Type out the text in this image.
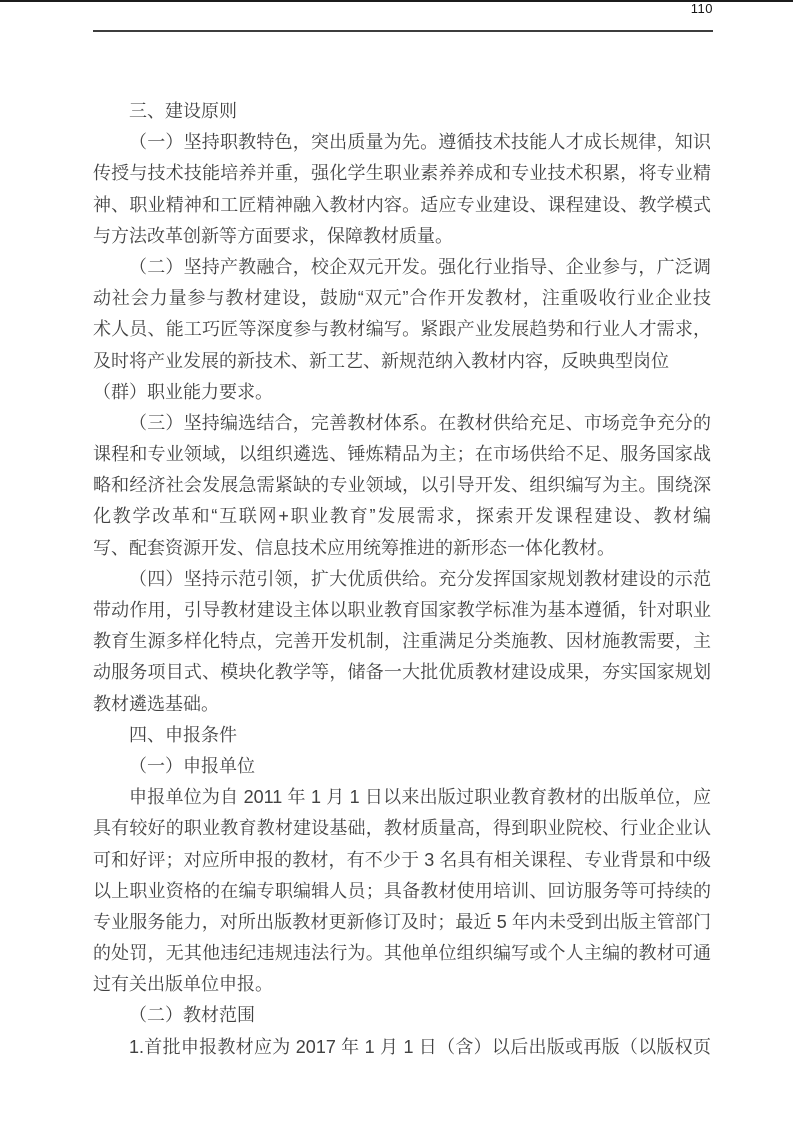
110
三、建设原则
（一）坚持职教特色，突出质量为先。遵循技术技能人才成长规律，知识
传授与技术技能培养并重，强化学生职业素养养成和专业技术积累，将专业精
神、职业精神和工匠精神融入教材内容。适应专业建设、课程建设、教学模式
与方法改革创新等方面要求，保障教材质量。
（二）坚持产教融合，校企双元开发。强化行业指导、企业参与，广泛调
动社会力量参与教材建设，鼓励“双元”合作开发教材，注重吸收行业企业技
术人员、能工巧匠等深度参与教材编写。紧跟产业发展趋势和行业人才需求，
及时将产业发展的新技术、新工艺、新规范纳入教材内容，反映典型岗位
（群）职业能力要求。
（三）坚持编选结合，完善教材体系。在教材供给充足、市场竞争充分的
课程和专业领域，以组织遴选、锤炼精品为主；在市场供给不足、服务国家战
略和经济社会发展急需紧缺的专业领域，以引导开发、组织编写为主。围绕深
化教学改革和“互联网+职业教育”发展需求，探索开发课程建设、教材编
写、配套资源开发、信息技术应用统筹推进的新形态一体化教材。
（四）坚持示范引领，扩大优质供给。充分发挥国家规划教材建设的示范
带动作用，引导教材建设主体以职业教育国家教学标准为基本遵循，针对职业
教育生源多样化特点，完善开发机制，注重满足分类施教、因材施教需要，主
动服务项目式、模块化教学等，储备一大批优质教材建设成果，夯实国家规划
教材遴选基础。
四、申报条件
（一）申报单位
申报单位为自 2011 年 1 月 1 日以来出版过职业教育教材的出版单位，应
具有较好的职业教育教材建设基础，教材质量高，得到职业院校、行业企业认
可和好评；对应所申报的教材，有不少于 3 名具有相关课程、专业背景和中级
以上职业资格的在编专职编辑人员；具备教材使用培训、回访服务等可持续的
专业服务能力，对所出版教材更新修订及时；最近 5 年内未受到出版主管部门
的处罚，无其他违纪违规违法行为。其他单位组织编写或个人主编的教材可通
过有关出版单位申报。
（二）教材范围
1.首批申报教材应为 2017 年 1 月 1 日（含）以后出版或再版（以版权页
